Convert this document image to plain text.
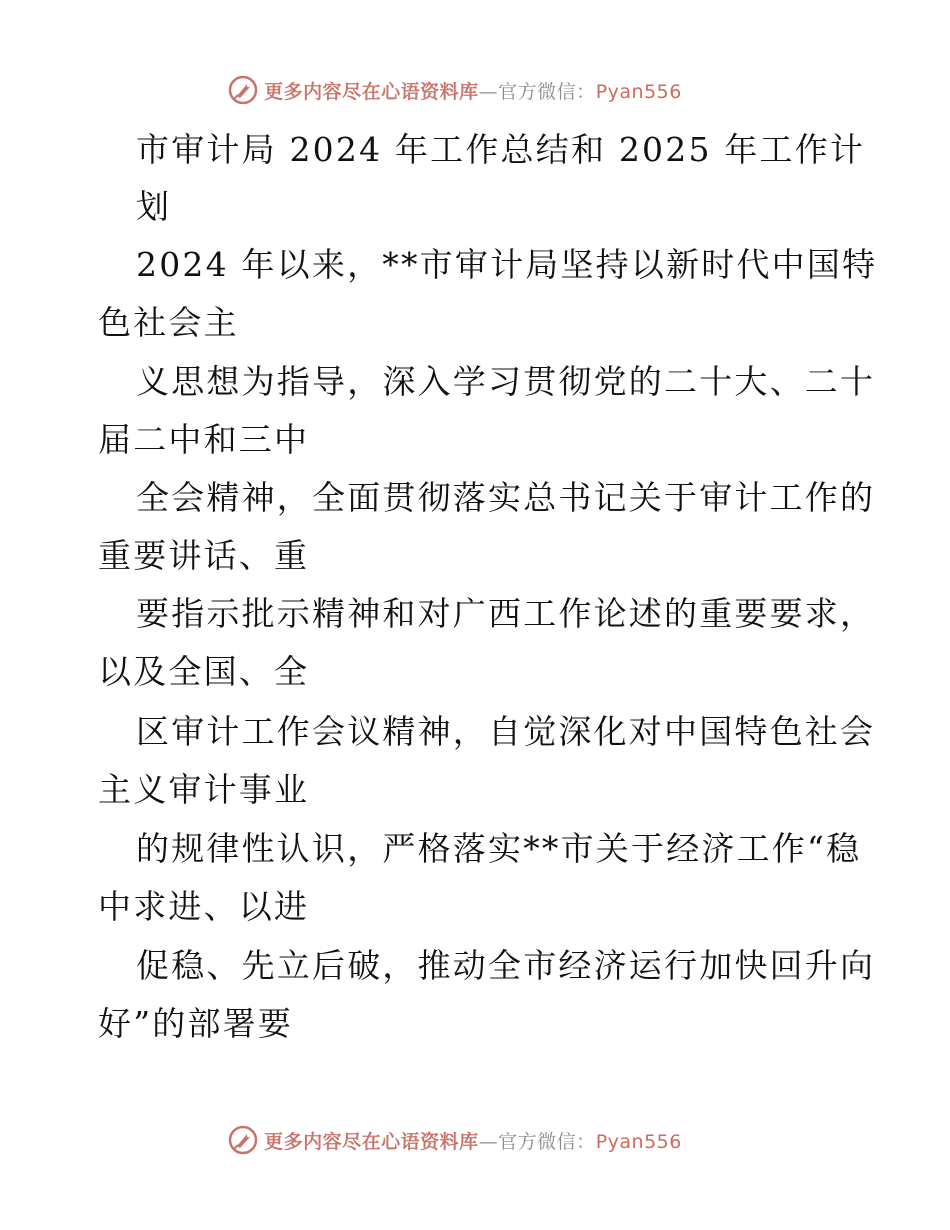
更多内容尽在心语资料库—官方微信：Pyan556
市审计局 2024 年工作总结和 2025 年工作计
划
2024 年以来，**市审计局坚持以新时代中国特
色社会主
义思想为指导，深入学习贯彻党的二十大、二十
届二中和三中
全会精神，全面贯彻落实总书记关于审计工作的
重要讲话、重
要指示批示精神和对广西工作论述的重要要求，
以及全国、全
区审计工作会议精神，自觉深化对中国特色社会
主义审计事业
的规律性认识，严格落实**市关于经济工作“稳
中求进、以进
促稳、先立后破，推动全市经济运行加快回升向
好”的部署要
更多内容尽在心语资料库—官方微信：Pyan556
